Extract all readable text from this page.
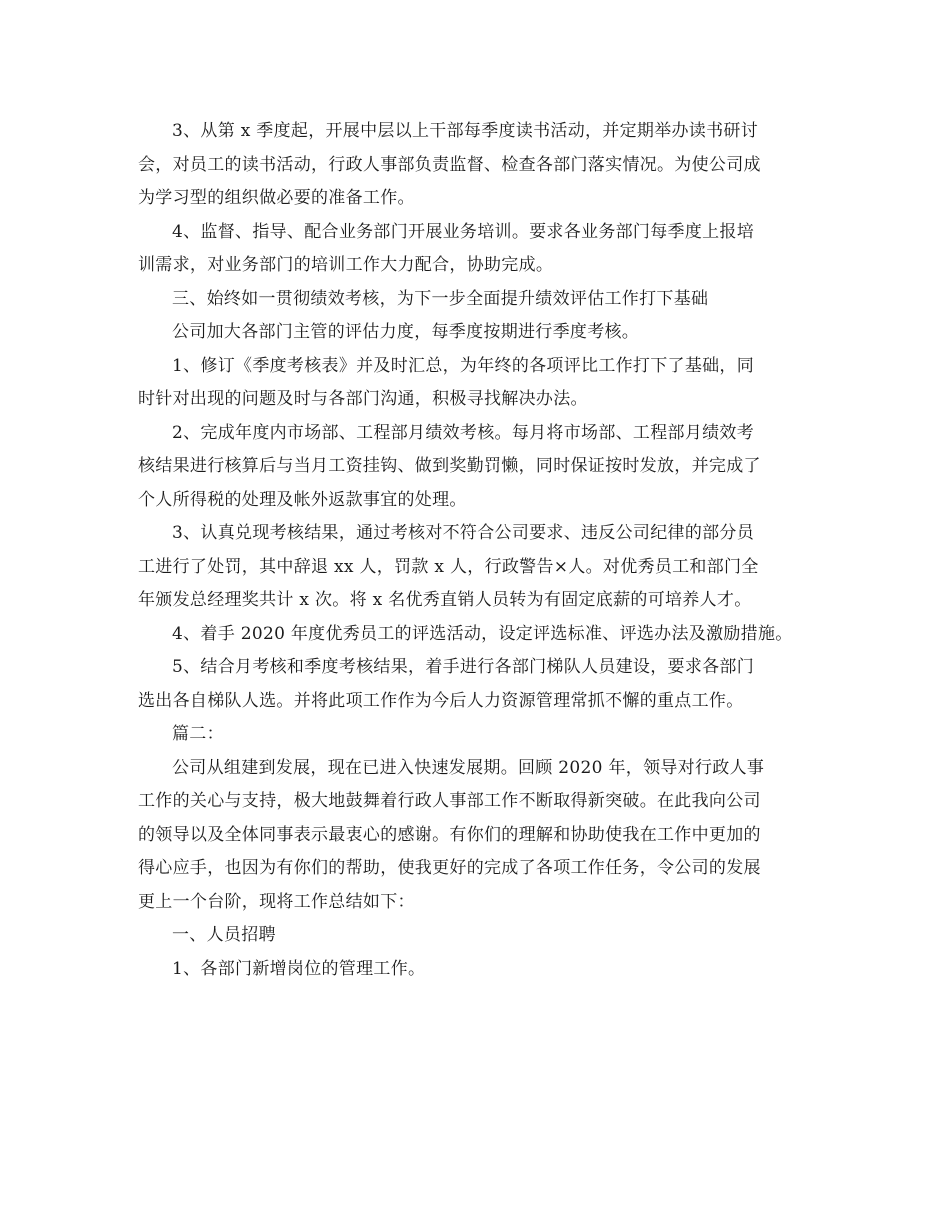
3、从第 x 季度起，开展中层以上干部每季度读书活动，并定期举办读书研讨
会，对员工的读书活动，行政人事部负责监督、检查各部门落实情况。为使公司成
为学习型的组织做必要的准备工作。

4、监督、指导、配合业务部门开展业务培训。要求各业务部门每季度上报培
训需求，对业务部门的培训工作大力配合，协助完成。

三、始终如一贯彻绩效考核，为下一步全面提升绩效评估工作打下基础

公司加大各部门主管的评估力度，每季度按期进行季度考核。

1、修订《季度考核表》并及时汇总，为年终的各项评比工作打下了基础，同
时针对出现的问题及时与各部门沟通，积极寻找解决办法。

2、完成年度内市场部、工程部月绩效考核。每月将市场部、工程部月绩效考
核结果进行核算后与当月工资挂钩、做到奖勤罚懒，同时保证按时发放，并完成了
个人所得税的处理及帐外返款事宜的处理。

3、认真兑现考核结果，通过考核对不符合公司要求、违反公司纪律的部分员
工进行了处罚，其中辞退 xx 人，罚款 x 人，行政警告×人。对优秀员工和部门全
年颁发总经理奖共计 x 次。将 x 名优秀直销人员转为有固定底薪的可培养人才。

4、着手 2020 年度优秀员工的评选活动，设定评选标准、评选办法及激励措施。

5、结合月考核和季度考核结果，着手进行各部门梯队人员建设，要求各部门
选出各自梯队人选。并将此项工作作为今后人力资源管理常抓不懈的重点工作。

篇二：

公司从组建到发展，现在已进入快速发展期。回顾 2020 年，领导对行政人事
工作的关心与支持，极大地鼓舞着行政人事部工作不断取得新突破。在此我向公司
的领导以及全体同事表示最衷心的感谢。有你们的理解和协助使我在工作中更加的
得心应手，也因为有你们的帮助，使我更好的完成了各项工作任务，令公司的发展
更上一个台阶，现将工作总结如下：

一、人员招聘

1、各部门新增岗位的管理工作。
